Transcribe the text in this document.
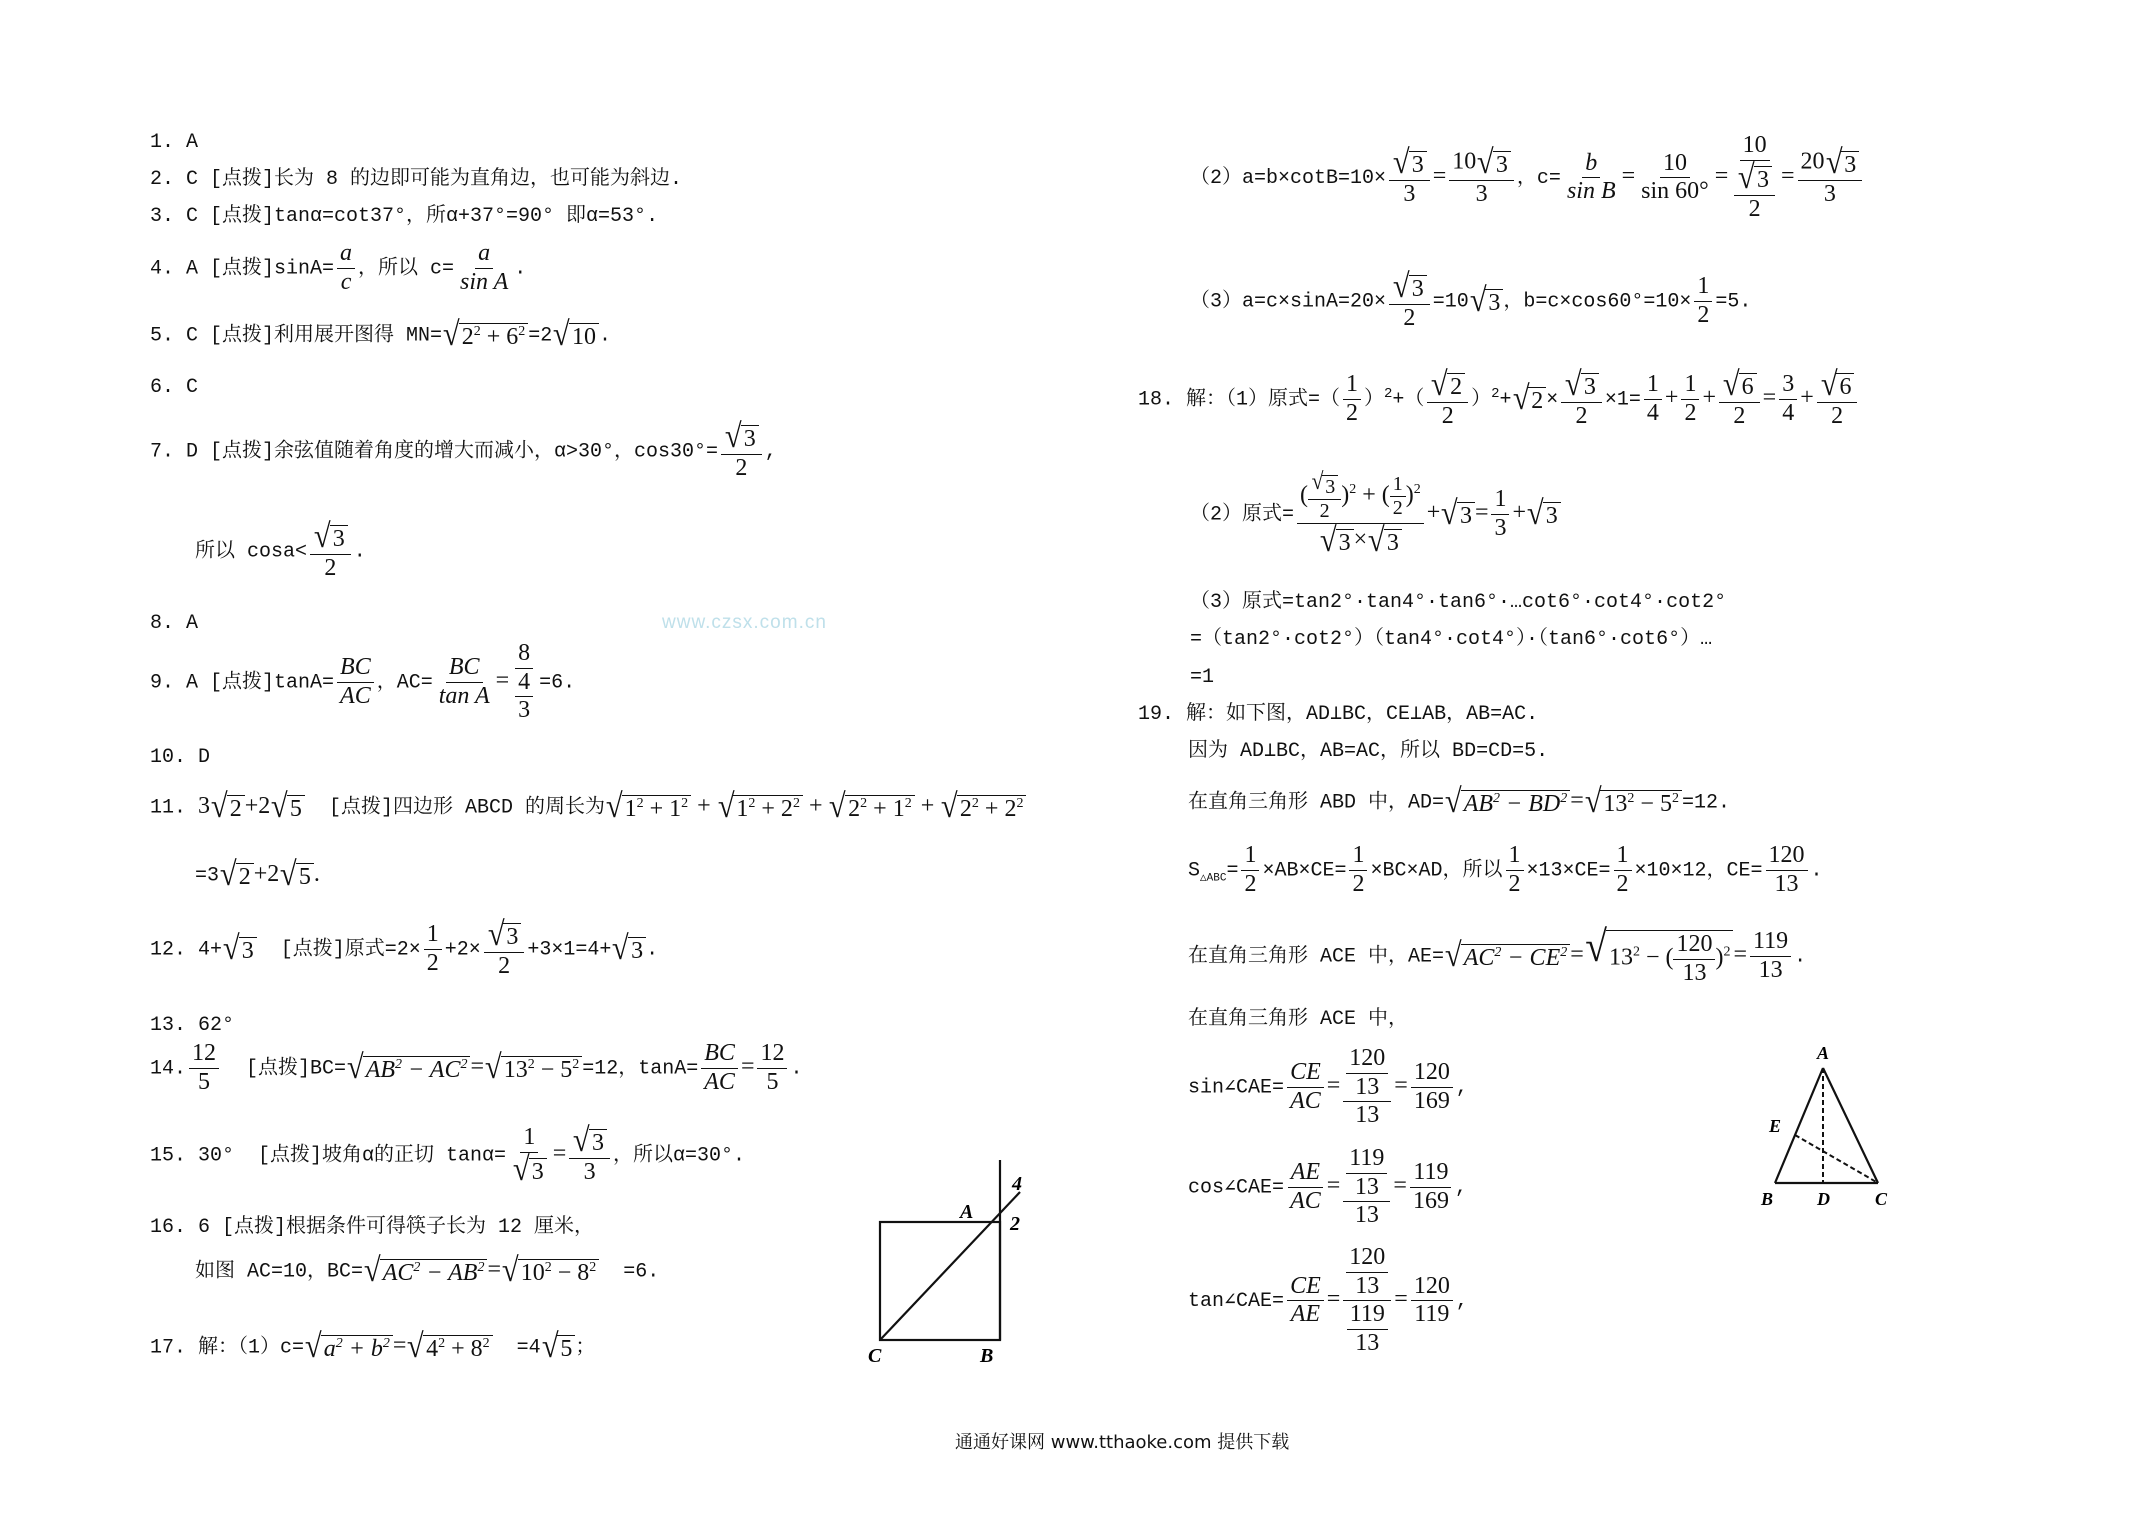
1. A
2. C [点拨]长为 8 的边即可能为直角边，也可能为斜边.
3. C [点拨]tanα=cot37°，所α+37°=90° 即α=53°.
4. A [点拨]$\sin A= \frac{a}{c}$ ，所以 $c= \frac{a}{\text{sin A}}$ .
5. C [点拨]利用展开图得 MN= √ $2^2 + 6^2 =2$ √ 10 .
6. C
7. D [点拨]余弦值随着角度的增大而减小，α>30°，$\cos 30^\circ= \frac{√ 3}{2}$ ,
所以 $\cos a< \frac{√ 3}{2}$ .
8. A	www.czsx.com.cn
9. A [点拨]$\tan A= \frac{BC}{AC}$ ，$AC= \frac{BC}{\text{tan A}} = \frac{8}{\frac{4}{3}} =6$.
10. D
11. 3 √ 2 +2 √ 5 [点拨]四边形 ABCD 的周长为 √ $1^2 + 1^2$ + √ $1^2 + 2^2$ + √ $2^2 + 1^2$ + √ $2^2 + 2^2$
=3 √ 2 +2 √ 5 .
12. 4+ √ 3 [点拨]原式$=2\times \frac{1}{2} +2\times \frac{√ 3}{2} +3\times 1=4+$ √ 3 .
13. 62°
14. $\frac{12}{5}$ [点拨]BC= √ $AB^2 - AC^2$ = √ $13^2 - 5^2 =12$，$\tan A= \frac{BC}{AC} = \frac{12}{5}$ .
15. 30° [点拨]坡角α的正切 $\tan\alpha= \frac{1}{√ 3} = \frac{√ 3}{3}$ ，所以α=30°.
16. 6 [点拨]根据条件可得筷子长为 12 厘米，
如图 AC=10，BC= √ $AC^2 - AB^2$ = √ $10^2 - 8^2 =6$.
17. 解：（1）c= √ $a^2 + b^2$ = √ $4^2 + 8^2 =4$ √ 5 ；
A
4
2
C	B
$(2)a=b\times\cot B=10\times \frac{√ 3}{3} = \frac{10 √ 3}{3}$ ，$c= \frac{b}{\text{sin B}} = \frac{10}{\sin 60^\circ} = \frac{10}{\frac{√ 3}{2}} = \frac{20 √ 3}{3}$
$(3)a=c\times\sin A=20\times \frac{√ 3}{2} =10$ √ 3 ，$b=c\times\cos 60^\circ=10\times \frac{1}{2} =5$.
18. 解：（1）原式=（ $\frac{1}{2} )^2+( \frac{√ 2}{2} )^2+$ √ $2 \times \frac{√ 3}{2} \times 1= \frac{1}{4} + \frac{1}{2} + \frac{√ 6}{2} = \frac{3}{4} + \frac{√ 6}{2}$
（2）原式= $\frac{( \frac{√ 3}{2} )^2 + ( \frac{1}{2} )^2}{√ 3 \times √ 3}$ + √ $3 = \frac{1}{3}$ + √ 3
（3）原式=tan2°·tan4°·tan6°·…cot6°·cot4°·cot2°
=（tan2°·cot2°）（tan4°·cot4°）·（tan6°·cot6°）…
=1
19. 解：如下图，AD⊥BC，CE⊥AB，AB=AC.
因为 AD⊥BC，AB=AC，所以 BD=CD=5.
在直角三角形 ABD 中，AD= √ $AB^2 - BD^2$ = √ $13^2 - 5^2 =12$.
$S_{\triangle ABC}= \frac{1}{2} \times AB\times CE= \frac{1}{2} \times BC\times AD$，所以 $\frac{1}{2} \times 13\times CE= \frac{1}{2} \times 10\times 12$，$CE= \frac{120}{13}$ .
在直角三角形 ACE 中，AE= √ $AC^2 - CE^2$ = √ $13^2$ − ( $\frac{120}{13} )^2 = \frac{119}{13}$ .
在直角三角形 ACE 中，
sin∠CAE= $\frac{CE}{AC} = \frac{\frac{120}{13}}{13} = \frac{120}{169}$ ,
cos∠CAE= $\frac{AE}{AC} = \frac{\frac{119}{13}}{13} = \frac{119}{169}$ ,
tan∠CAE= $\frac{CE}{AE} = \frac{\frac{120}{13}}{\frac{119}{13}} = \frac{120}{119}$ ,
A
E
B D	C
通通好课网 www.tthaoke.com 提供下载
